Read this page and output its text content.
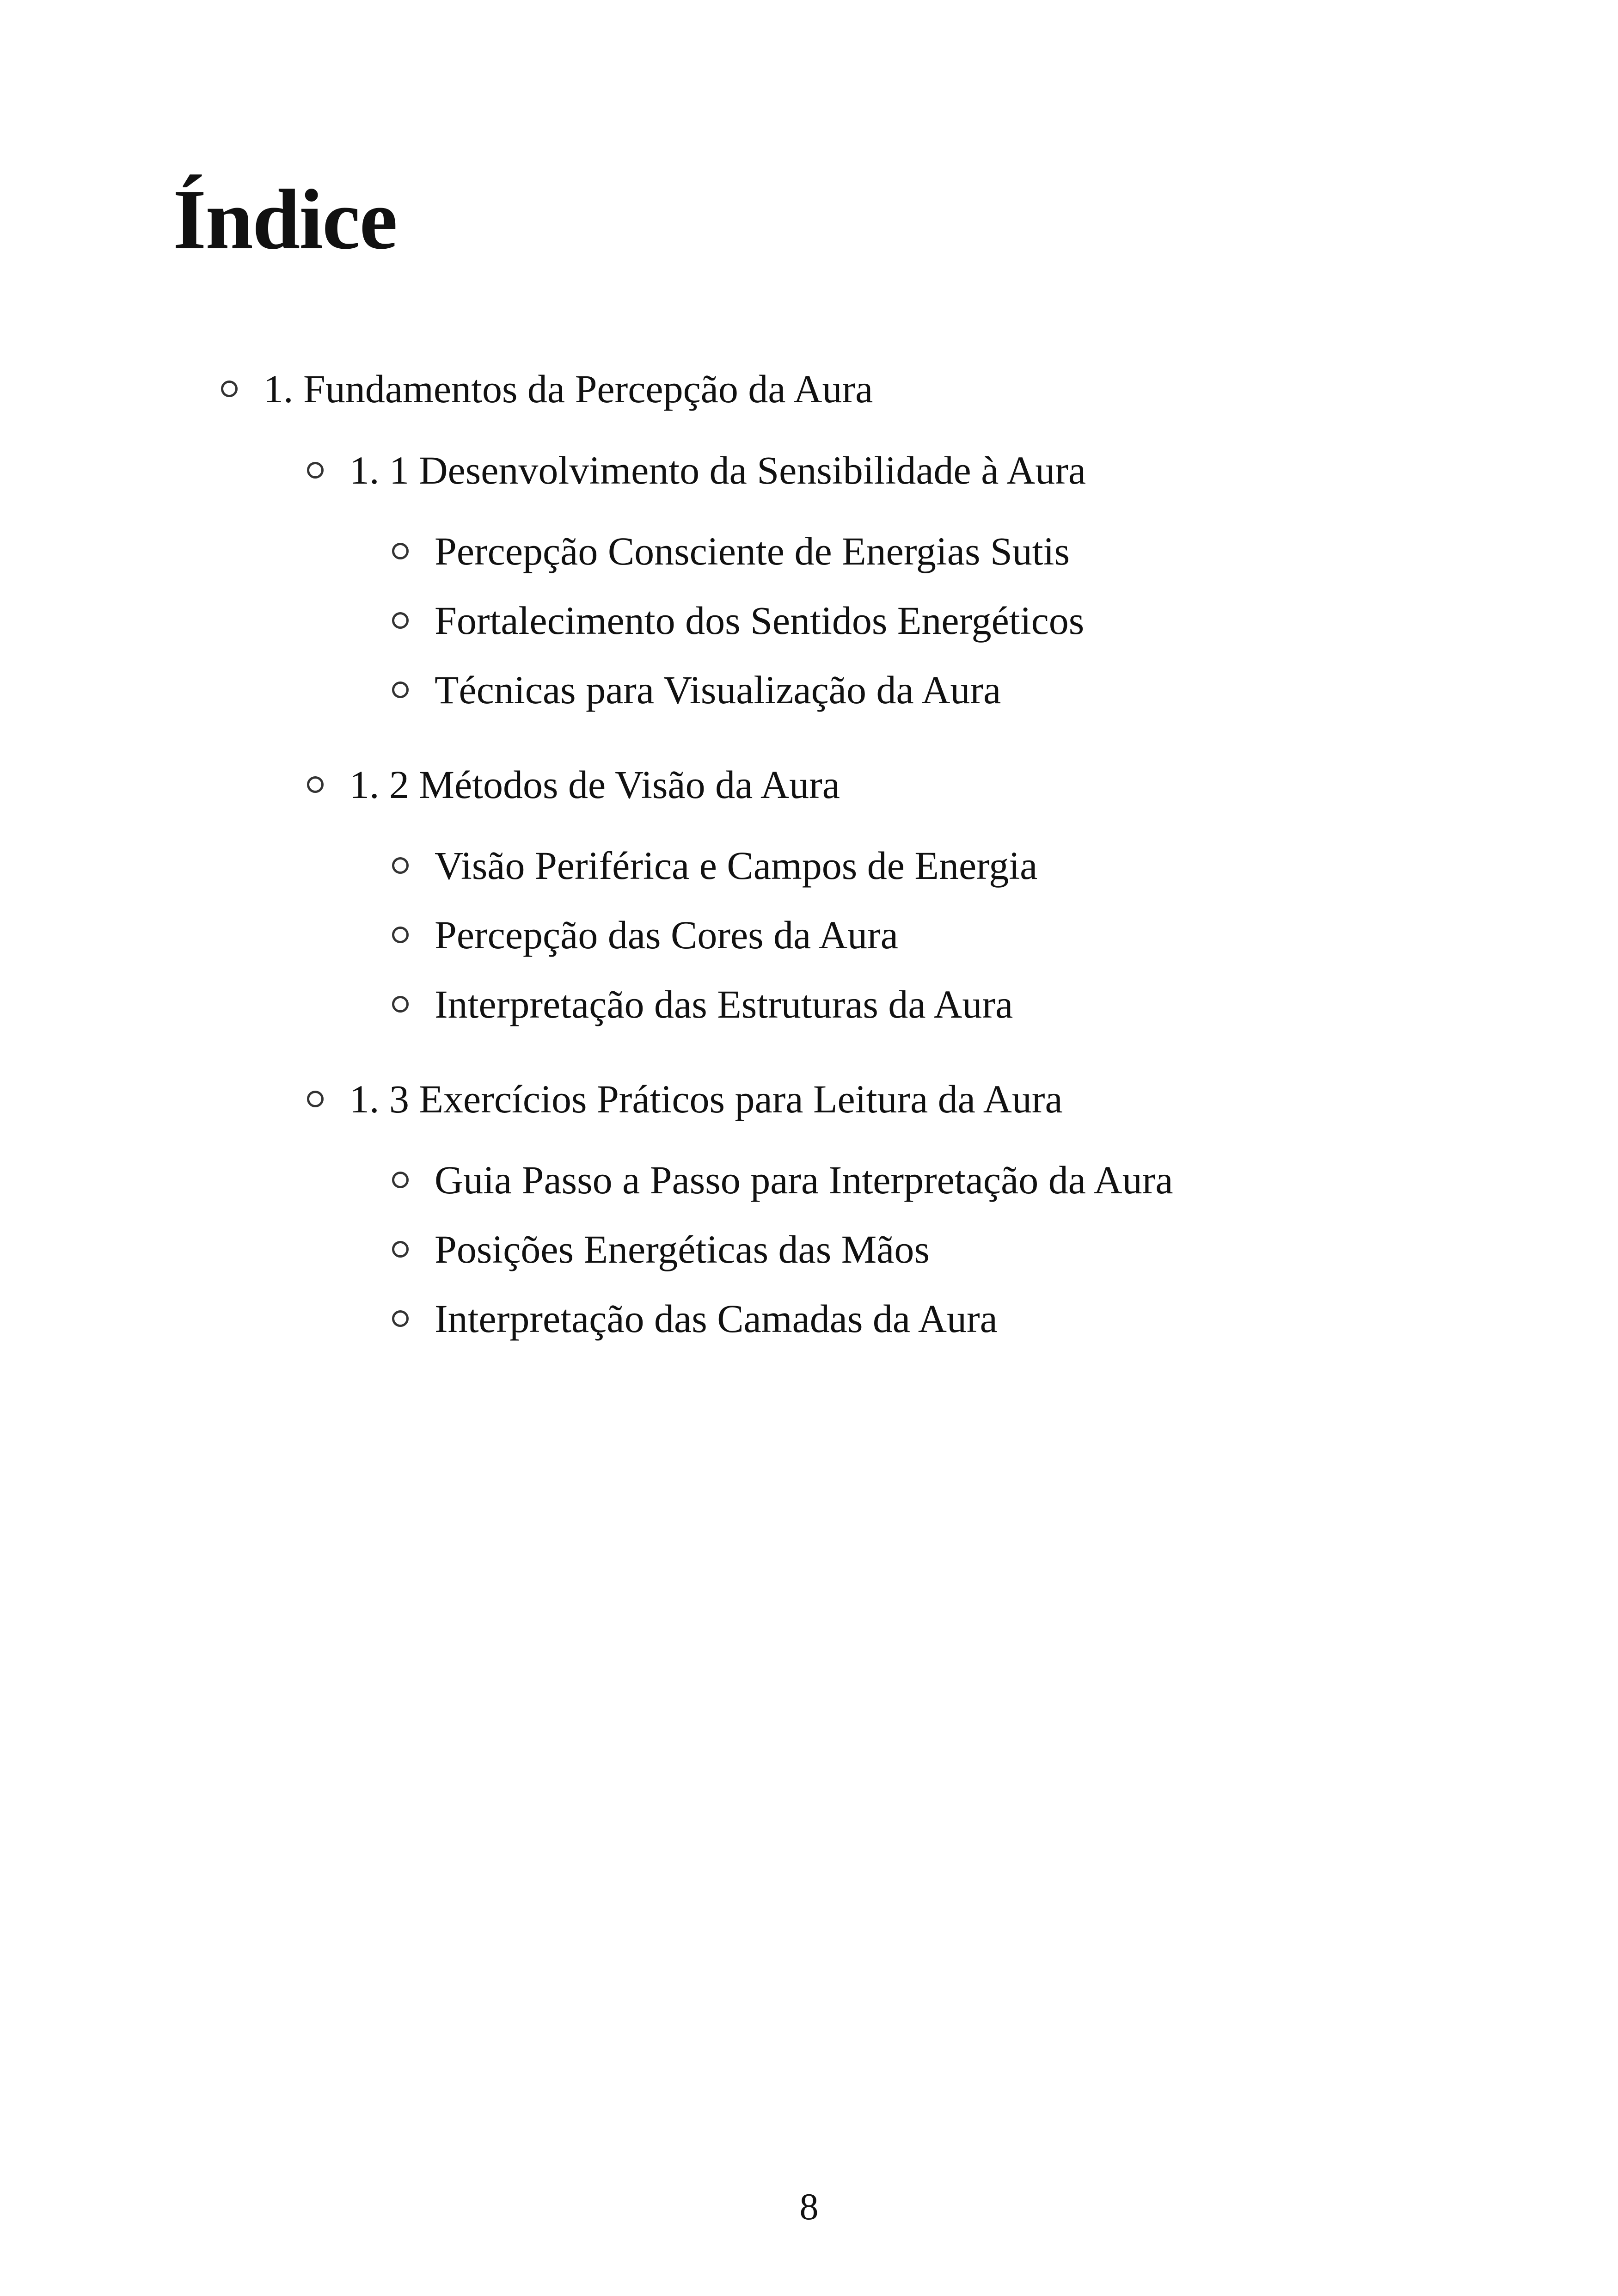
Índice
1. Fundamentos da Percepção da Aura
1. 1 Desenvolvimento da Sensibilidade à Aura
Percepção Consciente de Energias Sutis
Fortalecimento dos Sentidos Energéticos
Técnicas para Visualização da Aura
1. 2 Métodos de Visão da Aura
Visão Periférica e Campos de Energia
Percepção das Cores da Aura
Interpretação das Estruturas da Aura
1. 3 Exercícios Práticos para Leitura da Aura
Guia Passo a Passo para Interpretação da Aura
Posições Energéticas das Mãos
Interpretação das Camadas da Aura
8
